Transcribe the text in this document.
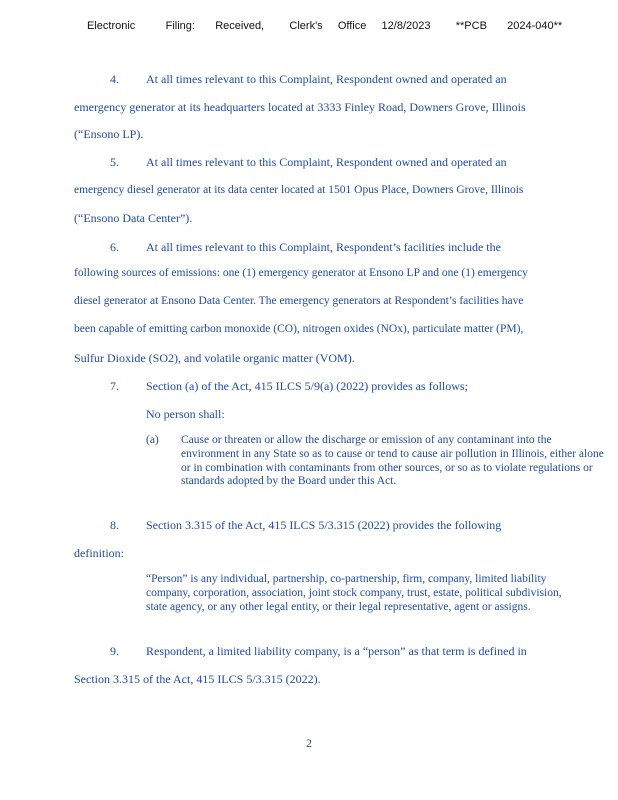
Electronic      Filing:    Received,     Clerk's   Office   12/8/2023     **PCB    2024-040**
4. At all times relevant to this Complaint, Respondent owned and operated an
emergency generator at its headquarters located at 3333 Finley Road, Downers Grove, Illinois
(“Ensono LP).
5. At all times relevant to this Complaint, Respondent owned and operated an
emergency diesel generator at its data center located at 1501 Opus Place, Downers Grove, Illinois
(“Ensono Data Center”).
6. At all times relevant to this Complaint, Respondent’s facilities include the
following sources of emissions: one (1) emergency generator at Ensono LP and one (1) emergency
diesel generator at Ensono Data Center. The emergency generators at Respondent’s facilities have
been capable of emitting carbon monoxide (CO), nitrogen oxides (NOx), particulate matter (PM),
Sulfur Dioxide (SO2), and volatile organic matter (VOM).
7. Section (a) of the Act, 415 ILCS 5/9(a) (2022) provides as follows;
No person shall:
(a) Cause or threaten or allow the discharge or emission of any contaminant into the environment in any State so as to cause or tend to cause air pollution in Illinois, either alone or in combination with contaminants from other sources, or so as to violate regulations or standards adopted by the Board under this Act.
8. Section 3.315 of the Act, 415 ILCS 5/3.315 (2022) provides the following
definition:
“Person” is any individual, partnership, co-partnership, firm, company, limited liability company, corporation, association, joint stock company, trust, estate, political subdivision, state agency, or any other legal entity, or their legal representative, agent or assigns.
9. Respondent, a limited liability company, is a “person” as that term is defined in
Section 3.315 of the Act, 415 ILCS 5/3.315 (2022).
2
